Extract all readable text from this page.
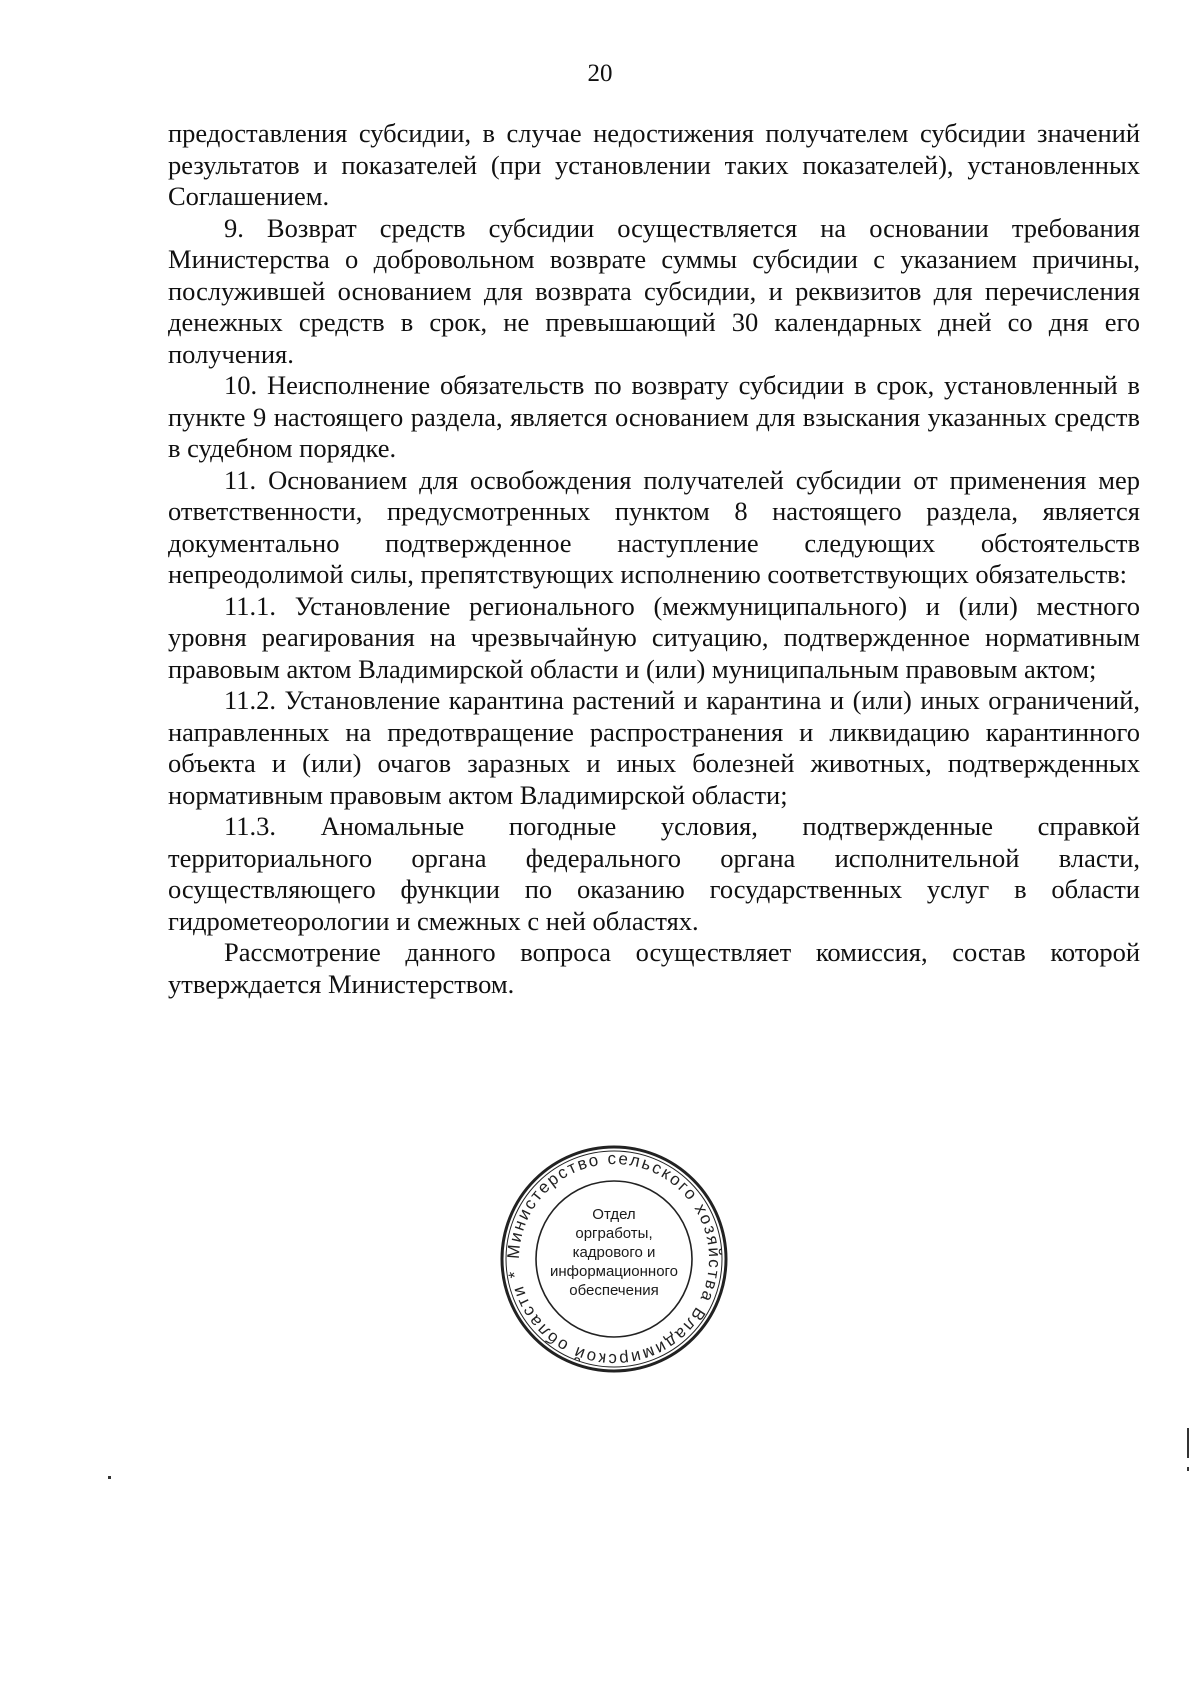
20

предоставления субсидии, в случае недостижения получателем субсидии значений результатов и показателей (при установлении таких показателей), установленных Соглашением.

9. Возврат средств субсидии осуществляется на основании требования Министерства о добровольном возврате суммы субсидии с указанием причины, послужившей основанием для возврата субсидии, и реквизитов для перечисления денежных средств в срок, не превышающий 30 календарных дней со дня его получения.

10. Неисполнение обязательств по возврату субсидии в срок, установленный в пункте 9 настоящего раздела, является основанием для взыскания указанных средств в судебном порядке.

11. Основанием для освобождения получателей субсидии от применения мер ответственности, предусмотренных пунктом 8 настоящего раздела, является документально подтвержденное наступление следующих обстоятельств непреодолимой силы, препятствующих исполнению соответствующих обязательств:

11.1. Установление регионального (межмуниципального) и (или) местного уровня реагирования на чрезвычайную ситуацию, подтвержденное нормативным правовым актом Владимирской области и (или) муниципальным правовым актом;

11.2. Установление карантина растений и карантина и (или) иных ограничений, направленных на предотвращение распространения и ликвидацию карантинного объекта и (или) очагов заразных и иных болезней животных, подтвержденных нормативным правовым актом Владимирской области;

11.3. Аномальные погодные условия, подтвержденные справкой территориального органа федерального органа исполнительной власти, осуществляющего функции по оказанию государственных услуг в области гидрометеорологии и смежных с ней областях.

Рассмотрение данного вопроса осуществляет комиссия, состав которой утверждается Министерством.

Министерство сельского хозяйства Владимирской области *
Отдел
оргработы,
кадрового и
информационного
обеспечения
